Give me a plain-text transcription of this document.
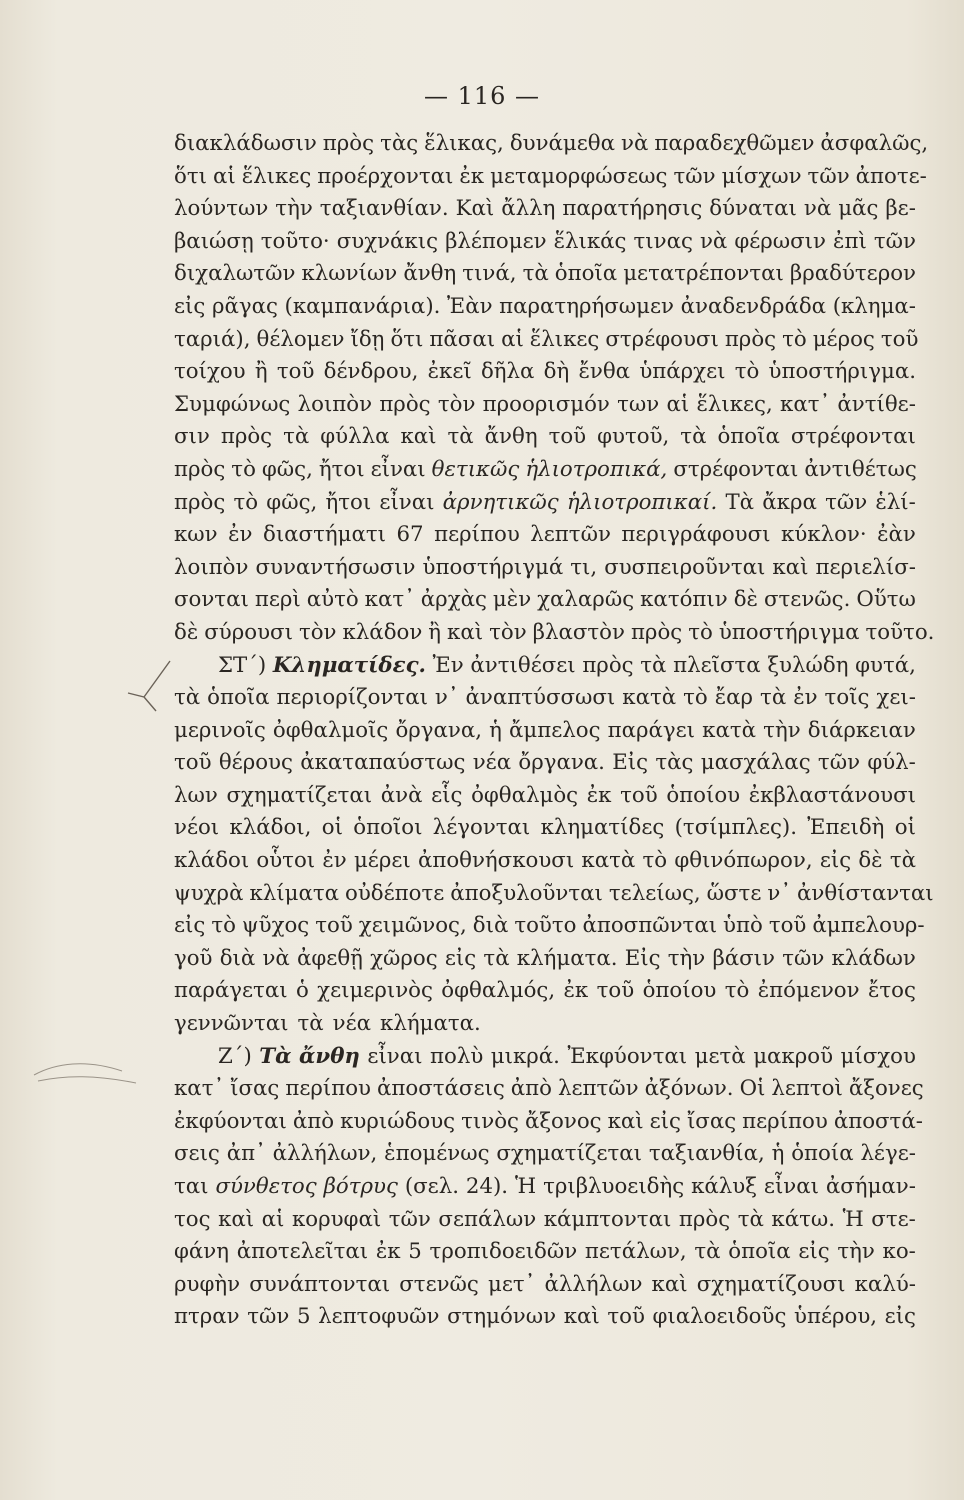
— 116 —
διακλάδωσιν πρὸς τὰς ἕλικας, δυνάμεθα νὰ παραδεχθῶμεν ἀσφαλῶς,
ὅτι αἱ ἕλικες προέρχονται ἐκ μεταμορφώσεως τῶν μίσχων τῶν ἀποτε-
λούντων τὴν ταξιανθίαν. Καὶ ἄλλη παρατήρησις δύναται νὰ μᾶς βε-
βαιώσῃ τοῦτο· συχνάκις βλέπομεν ἕλικάς τινας νὰ φέρωσιν ἐπὶ τῶν
διχαλωτῶν κλωνίων ἄνθη τινά, τὰ ὁποῖα μετατρέπονται βραδύτερον
εἰς ρᾶγας (καμπανάρια). Ἐὰν παρατηρήσωμεν ἀναδενδράδα (κλημα-
ταριά), θέλομεν ἴδῃ ὅτι πᾶσαι αἱ ἕλικες στρέφουσι πρὸς τὸ μέρος τοῦ
τοίχου ἢ τοῦ δένδρου, ἐκεῖ δῆλα δὴ ἔνθα ὑπάρχει τὸ ὑποστήριγμα.
Συμφώνως λοιπὸν πρὸς τὸν προορισμόν των αἱ ἕλικες, κατ᾽ ἀντίθε-
σιν πρὸς τὰ φύλλα καὶ τὰ ἄνθη τοῦ φυτοῦ, τὰ ὁποῖα στρέφονται
πρὸς τὸ φῶς, ἤτοι εἶναι θετικῶς ἡλιοτροπικά, στρέφονται ἀντιθέτως
πρὸς τὸ φῶς, ἤτοι εἶναι ἀρνητικῶς ἡλιοτροπικαί. Τὰ ἄκρα τῶν ἑλί-
κων ἐν διαστήματι 67 περίπου λεπτῶν περιγράφουσι κύκλον· ἐὰν
λοιπὸν συναντήσωσιν ὑποστήριγμά τι, συσπειροῦνται καὶ περιελίσ-
σονται περὶ αὐτὸ κατ᾽ ἀρχὰς μὲν χαλαρῶς κατόπιν δὲ στενῶς. Οὕτω
δὲ σύρουσι τὸν κλάδον ἢ καὶ τὸν βλαστὸν πρὸς τὸ ὑποστήριγμα τοῦτο.
ΣΤ´) Κληματίδες. Ἐν ἀντιθέσει πρὸς τὰ πλεῖστα ξυλώδη φυτά,
τὰ ὁποῖα περιορίζονται ν᾽ ἀναπτύσσωσι κατὰ τὸ ἔαρ τὰ ἐν τοῖς χει-
μερινοῖς ὀφθαλμοῖς ὄργανα, ἡ ἄμπελος παράγει κατὰ τὴν διάρκειαν
τοῦ θέρους ἀκαταπαύστως νέα ὄργανα. Εἰς τὰς μασχάλας τῶν φύλ-
λων σχηματίζεται ἀνὰ εἷς ὀφθαλμὸς ἐκ τοῦ ὁποίου ἐκβλαστάνουσι
νέοι κλάδοι, οἱ ὁποῖοι λέγονται κληματίδες (τσίμπλες). Ἐπειδὴ οἱ
κλάδοι οὗτοι ἐν μέρει ἀποθνήσκουσι κατὰ τὸ φθινόπωρον, εἰς δὲ τὰ
ψυχρὰ κλίματα οὐδέποτε ἀποξυλοῦνται τελείως, ὥστε ν᾽ ἀνθίστανται
εἰς τὸ ψῦχος τοῦ χειμῶνος, διὰ τοῦτο ἀποσπῶνται ὑπὸ τοῦ ἀμπελουρ-
γοῦ διὰ νὰ ἀφεθῇ χῶρος εἰς τὰ κλήματα. Εἰς τὴν βάσιν τῶν κλάδων
παράγεται ὁ χειμερινὸς ὀφθαλμός, ἐκ τοῦ ὁποίου τὸ ἐπόμενον ἔτος
γεννῶνται τὰ νέα κλήματα.
Ζ´) Τὰ ἄνθη εἶναι πολὺ μικρά. Ἐκφύονται μετὰ μακροῦ μίσχου
κατ᾽ ἴσας περίπου ἀποστάσεις ἀπὸ λεπτῶν ἀξόνων. Οἱ λεπτοὶ ἄξονες
ἐκφύονται ἀπὸ κυριώδους τινὸς ἄξονος καὶ εἰς ἴσας περίπου ἀποστά-
σεις ἀπ᾽ ἀλλήλων, ἑπομένως σχηματίζεται ταξιανθία, ἡ ὁποία λέγε-
ται σύνθετος βότρυς (σελ. 24). Ἡ τριβλυοειδὴς κάλυξ εἶναι ἀσήμαν-
τος καὶ αἱ κορυφαὶ τῶν σεπάλων κάμπτονται πρὸς τὰ κάτω. Ἡ στε-
φάνη ἀποτελεῖται ἐκ 5 τροπιδοειδῶν πετάλων, τὰ ὁποῖα εἰς τὴν κο-
ρυφὴν συνάπτονται στενῶς μετ᾽ ἀλλήλων καὶ σχηματίζουσι καλύ-
πτραν τῶν 5 λεπτοφυῶν στημόνων καὶ τοῦ φιαλοειδοῦς ὑπέρου, εἰς
